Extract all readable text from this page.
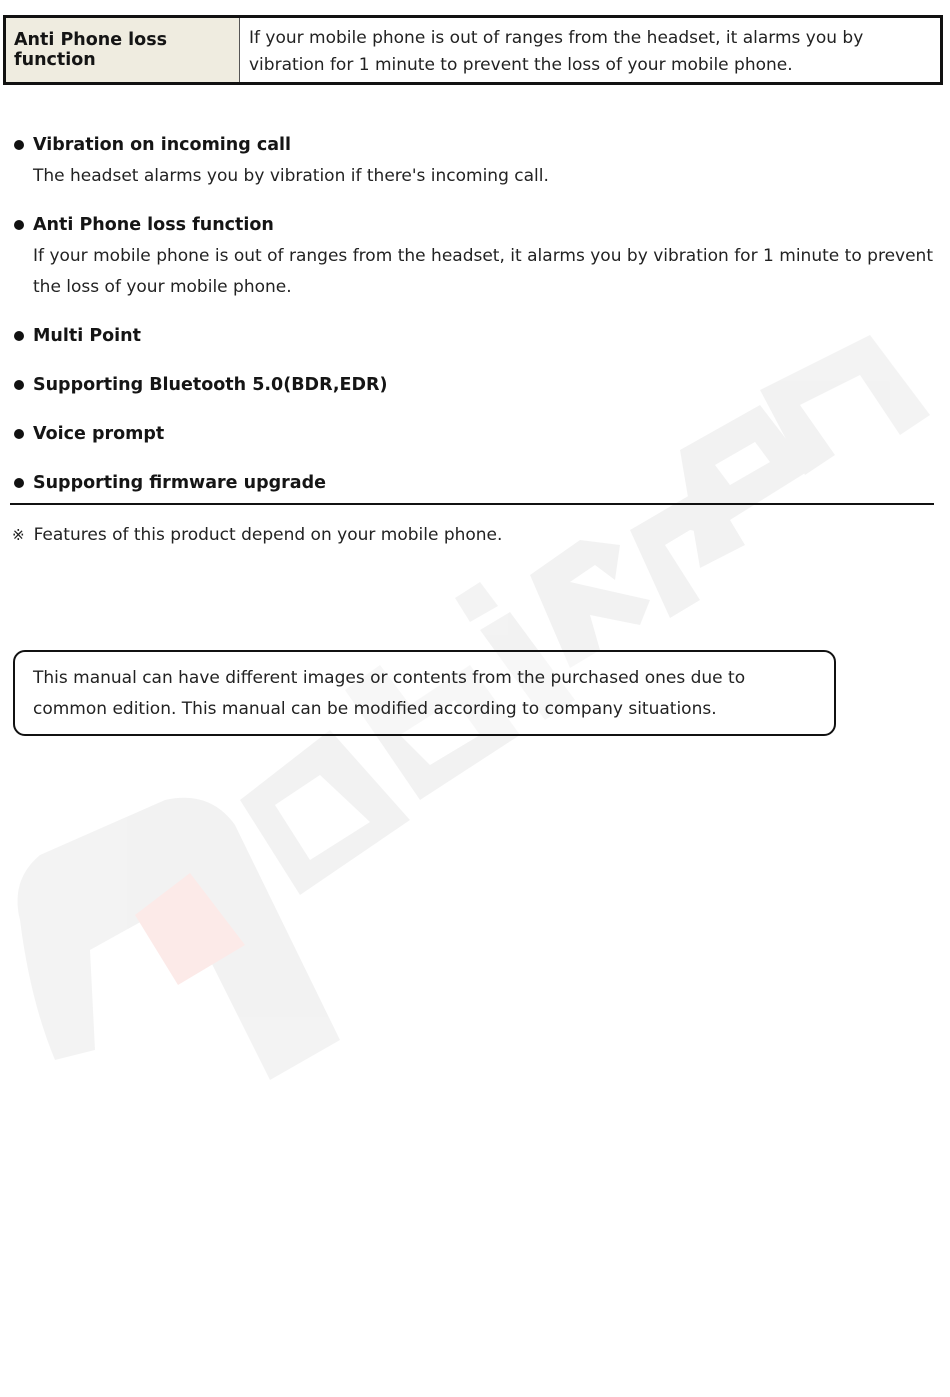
Anti Phone loss function
If your mobile phone is out of ranges from the headset, it alarms you by vibration for 1 minute to prevent the loss of your mobile phone.
Vibration on incoming call
The headset alarms you by vibration if there's incoming call.
Anti Phone loss function
If your mobile phone is out of ranges from the headset, it alarms you by vibration for 1 minute to prevent the loss of your mobile phone.
Multi Point
Supporting Bluetooth 5.0(BDR,EDR)
Voice prompt
Supporting firmware upgrade
※ Features of this product depend on your mobile phone.
This manual can have different images or contents from the purchased ones due to common edition. This manual can be modified according to company situations.
